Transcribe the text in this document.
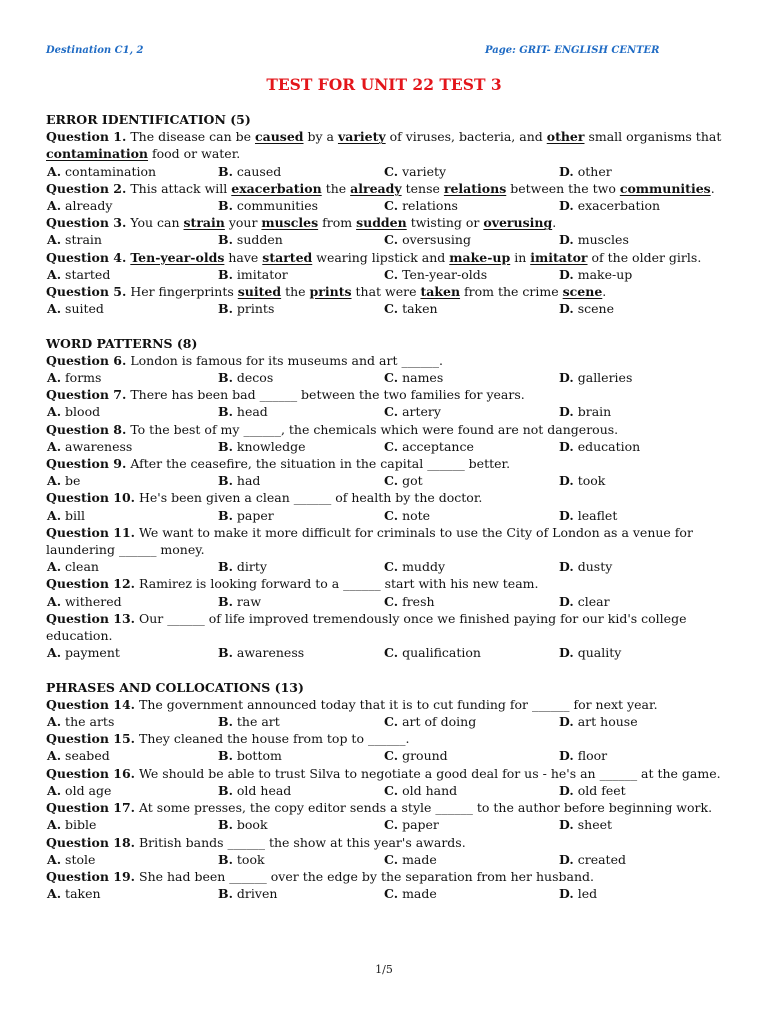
Destination C1, 2	Page: GRIT- ENGLISH CENTER
TEST FOR UNIT 22 TEST 3
ERROR IDENTIFICATION (5)

Question 1. The disease can be caused by a variety of viruses, bacteria, and other small organisms that contamination food or water.

A. contamination	B. caused	C. variety	D. other

Question 2. This attack will exacerbation the already tense relations between the two communities.

A. already	B. communities	C. relations	D. exacerbation

Question 3. You can strain your muscles from sudden twisting or overusing.

A. strain	B. sudden	C. oversusing	D. muscles

Question 4. Ten-year-olds have started wearing lipstick and make-up in imitator of the older girls.

A. started	B. imitator	C. Ten-year-olds	D. make-up

Question 5. Her fingerprints suited the prints that were taken from the crime scene.

A. suited	B. prints	C. taken	D. scene
WORD PATTERNS (8)

Question 6. London is famous for its museums and art ______.

A. forms	B. decos	C. names	D. galleries

Question 7. There has been bad ______ between the two families for years.

A. blood	B. head	C. artery	D. brain

Question 8. To the best of my ______, the chemicals which were found are not dangerous.

A. awareness	B. knowledge	C. acceptance	D. education

Question 9. After the ceasefire, the situation in the capital ______ better.

A. be	B. had	C. got	D. took

Question 10. He's been given a clean ______ of health by the doctor.

A. bill	B. paper	C. note	D. leaflet

Question 11. We want to make it more difficult for criminals to use the City of London as a venue for laundering ______ money.

A. clean	B. dirty	C. muddy	D. dusty

Question 12. Ramirez is looking forward to a ______ start with his new team.

A. withered	B. raw	C. fresh	D. clear

Question 13. Our ______ of life improved tremendously once we finished paying for our kid's college education.

A. payment	B. awareness	C. qualification	D. quality
PHRASES AND COLLOCATIONS (13)

Question 14. The government announced today that it is to cut funding for ______ for next year.

A. the arts	B. the art	C. art of doing	D. art house

Question 15. They cleaned the house from top to ______.

A. seabed	B. bottom	C. ground	D. floor

Question 16. We should be able to trust Silva to negotiate a good deal for us - he's an ______ at the game.

A. old age	B. old head	C. old hand	D. old feet

Question 17. At some presses, the copy editor sends a style ______ to the author before beginning work.

A. bible	B. book	C. paper	D. sheet

Question 18. British bands ______ the show at this year's awards.

A. stole	B. took	C. made	D. created

Question 19. She had been ______ over the edge by the separation from her husband.

A. taken	B. driven	C. made	D. led
1/5
